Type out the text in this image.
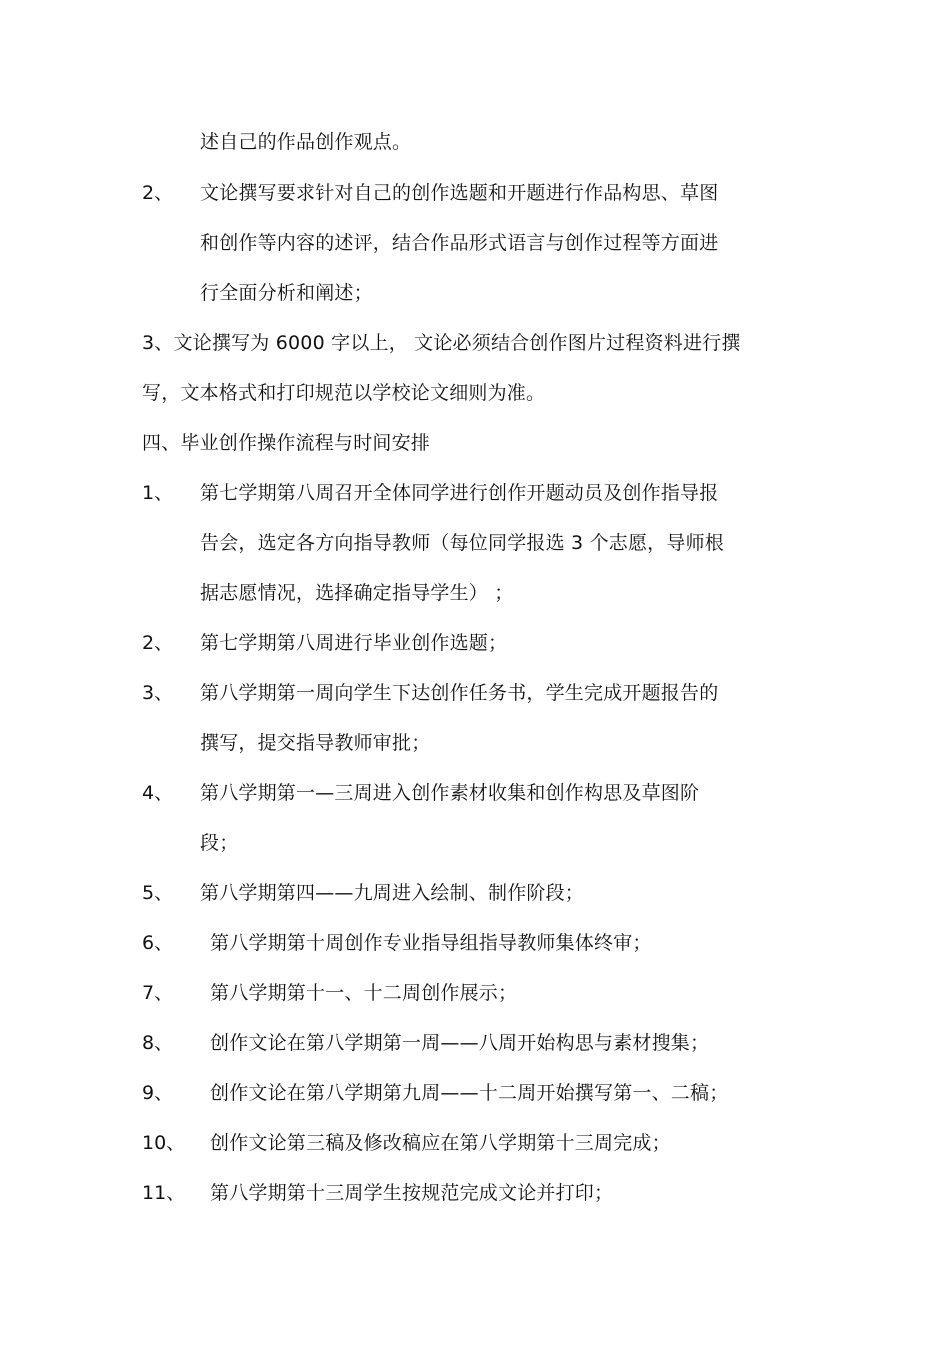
述自己的作品创作观点。
2、 文论撰写要求针对自己的创作选题和开题进行作品构思、草图
和创作等内容的述评，结合作品形式语言与创作过程等方面进
行全面分析和阐述；
3、文论撰写为 6000 字以上， 文论必须结合创作图片过程资料进行撰
写，文本格式和打印规范以学校论文细则为准。
四、毕业创作操作流程与时间安排
1、 第七学期第八周召开全体同学进行创作开题动员及创作指导报
告会，选定各方向指导教师（每位同学报选 3 个志愿，导师根
据志愿情况，选择确定指导学生） ；
2、 第七学期第八周进行毕业创作选题；
3、 第八学期第一周向学生下达创作任务书，学生完成开题报告的
撰写，提交指导教师审批；
4、 第八学期第一—三周进入创作素材收集和创作构思及草图阶
段；
5、 第八学期第四——九周进入绘制、制作阶段；
6、 第八学期第十周创作专业指导组指导教师集体终审；
7、 第八学期第十一、十二周创作展示；
8、 创作文论在第八学期第一周——八周开始构思与素材搜集；
9、 创作文论在第八学期第九周——十二周开始撰写第一、二稿；
10、 创作文论第三稿及修改稿应在第八学期第十三周完成；
11、 第八学期第十三周学生按规范完成文论并打印；
